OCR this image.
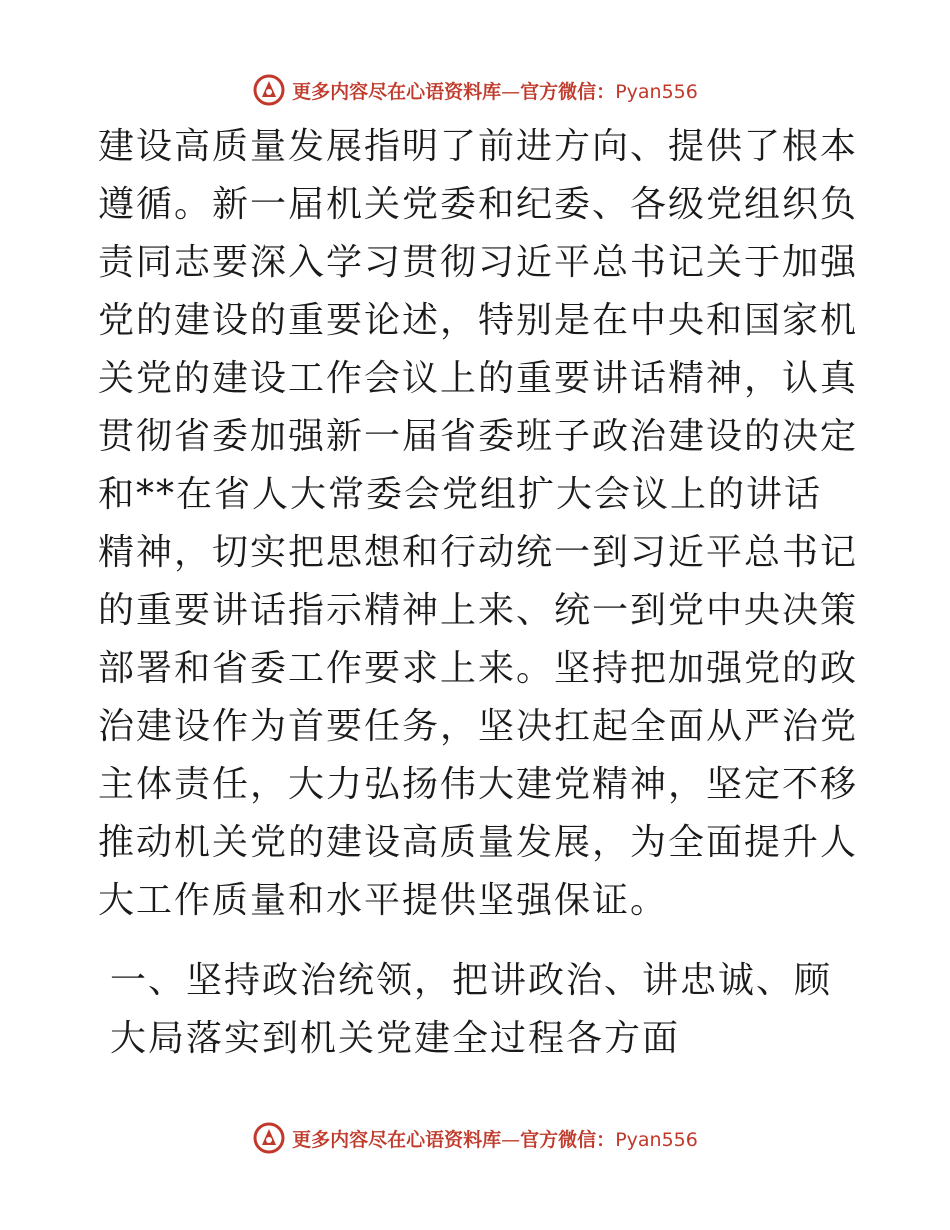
更多内容尽在心语资料库—官方微信：Pyan556

建设高质量发展指明了前进方向、提供了根本遵循。新一届机关党委和纪委、各级党组织负责同志要深入学习贯彻习近平总书记关于加强党的建设的重要论述，特别是在中央和国家机关党的建设工作会议上的重要讲话精神，认真贯彻省委加强新一届省委班子政治建设的决定和**在省人大常委会党组扩大会议上的讲话精神，切实把思想和行动统一到习近平总书记的重要讲话指示精神上来、统一到党中央决策部署和省委工作要求上来。坚持把加强党的政治建设作为首要任务，坚决扛起全面从严治党主体责任，大力弘扬伟大建党精神，坚定不移推动机关党的建设高质量发展，为全面提升人大工作质量和水平提供坚强保证。

一、坚持政治统领，把讲政治、讲忠诚、顾大局落实到机关党建全过程各方面

更多内容尽在心语资料库—官方微信：Pyan556
